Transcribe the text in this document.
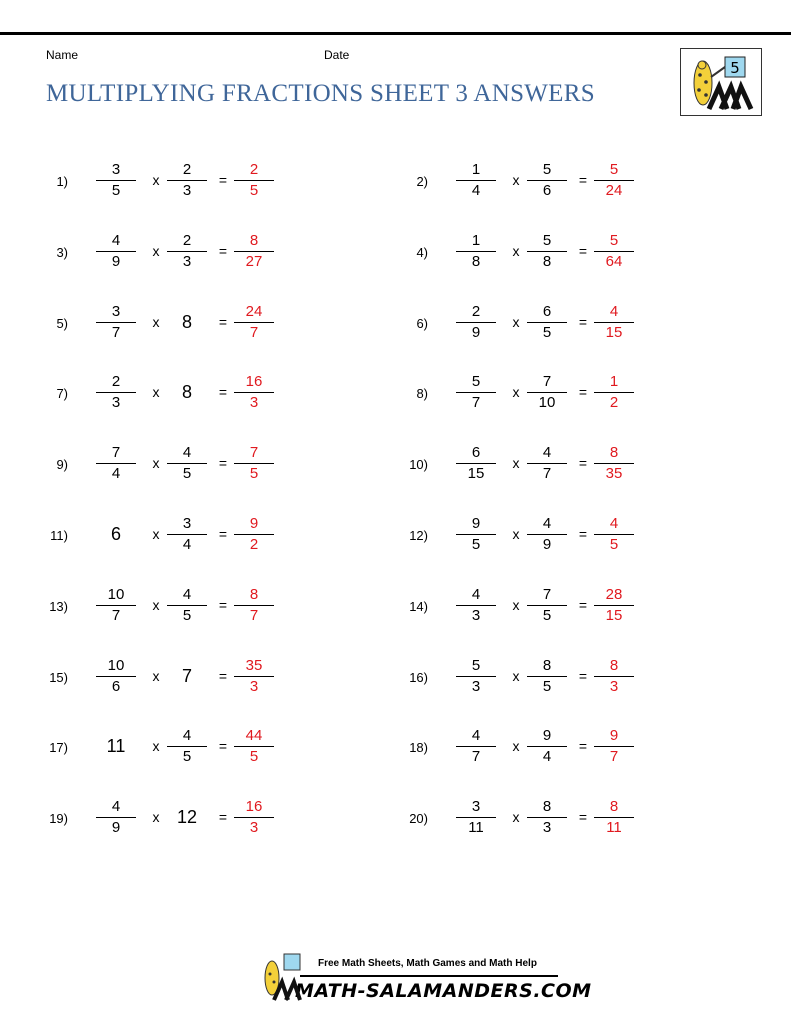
Name	Date
MULTIPLYING FRACTIONS SHEET 3 ANSWERS
5
$1) \frac{3}{5}$ x $\frac{2}{3} = \frac{2}{5}$	$2) \frac{1}{4}$ x $\frac{5}{6} = \frac{5}{24}$
$3) \frac{4}{9}$ x $\frac{2}{3} = \frac{8}{27}$	$4) \frac{1}{8}$ x $\frac{5}{8} = \frac{5}{64}$
$5) \frac{3}{7}$ x	8	= $\frac{24}{7}$	$6) \frac{2}{9}$ x $\frac{6}{5} = \frac{4}{15}$
$7) \frac{2}{3}$ x	8	= $\frac{16}{3}$	$8) \frac{5}{7}$ x $\frac{7}{10} = \frac{1}{2}$
$9) \frac{7}{4}$ x $\frac{4}{5} = \frac{7}{5}$	$10) \frac{6}{15}$ x $\frac{4}{7} = \frac{8}{35}$
11)	6	x $\frac{3}{4} = \frac{9}{2}$	$12) \frac{9}{5}$ x $\frac{4}{9} = \frac{4}{5}$
$13) \frac{10}{7}$ x $\frac{4}{5} = \frac{8}{7}$	$14) \frac{4}{3}$ x $\frac{7}{5} = \frac{28}{15}$
$15) \frac{10}{6}$ x	7	= $\frac{35}{3}$	$16) \frac{5}{3}$ x $\frac{8}{5} = \frac{8}{3}$
17)	11	x $\frac{4}{5} = \frac{44}{5}$	$18) \frac{4}{7}$ x $\frac{9}{4} = \frac{9}{7}$
$19) \frac{4}{9}$ x 12	= $\frac{16}{3}$	$20) \frac{3}{11}$ x $\frac{8}{3} = \frac{8}{11}$
Free Math Sheets, Math Games and Math Help
MATH-SALAMANDERS.COM
